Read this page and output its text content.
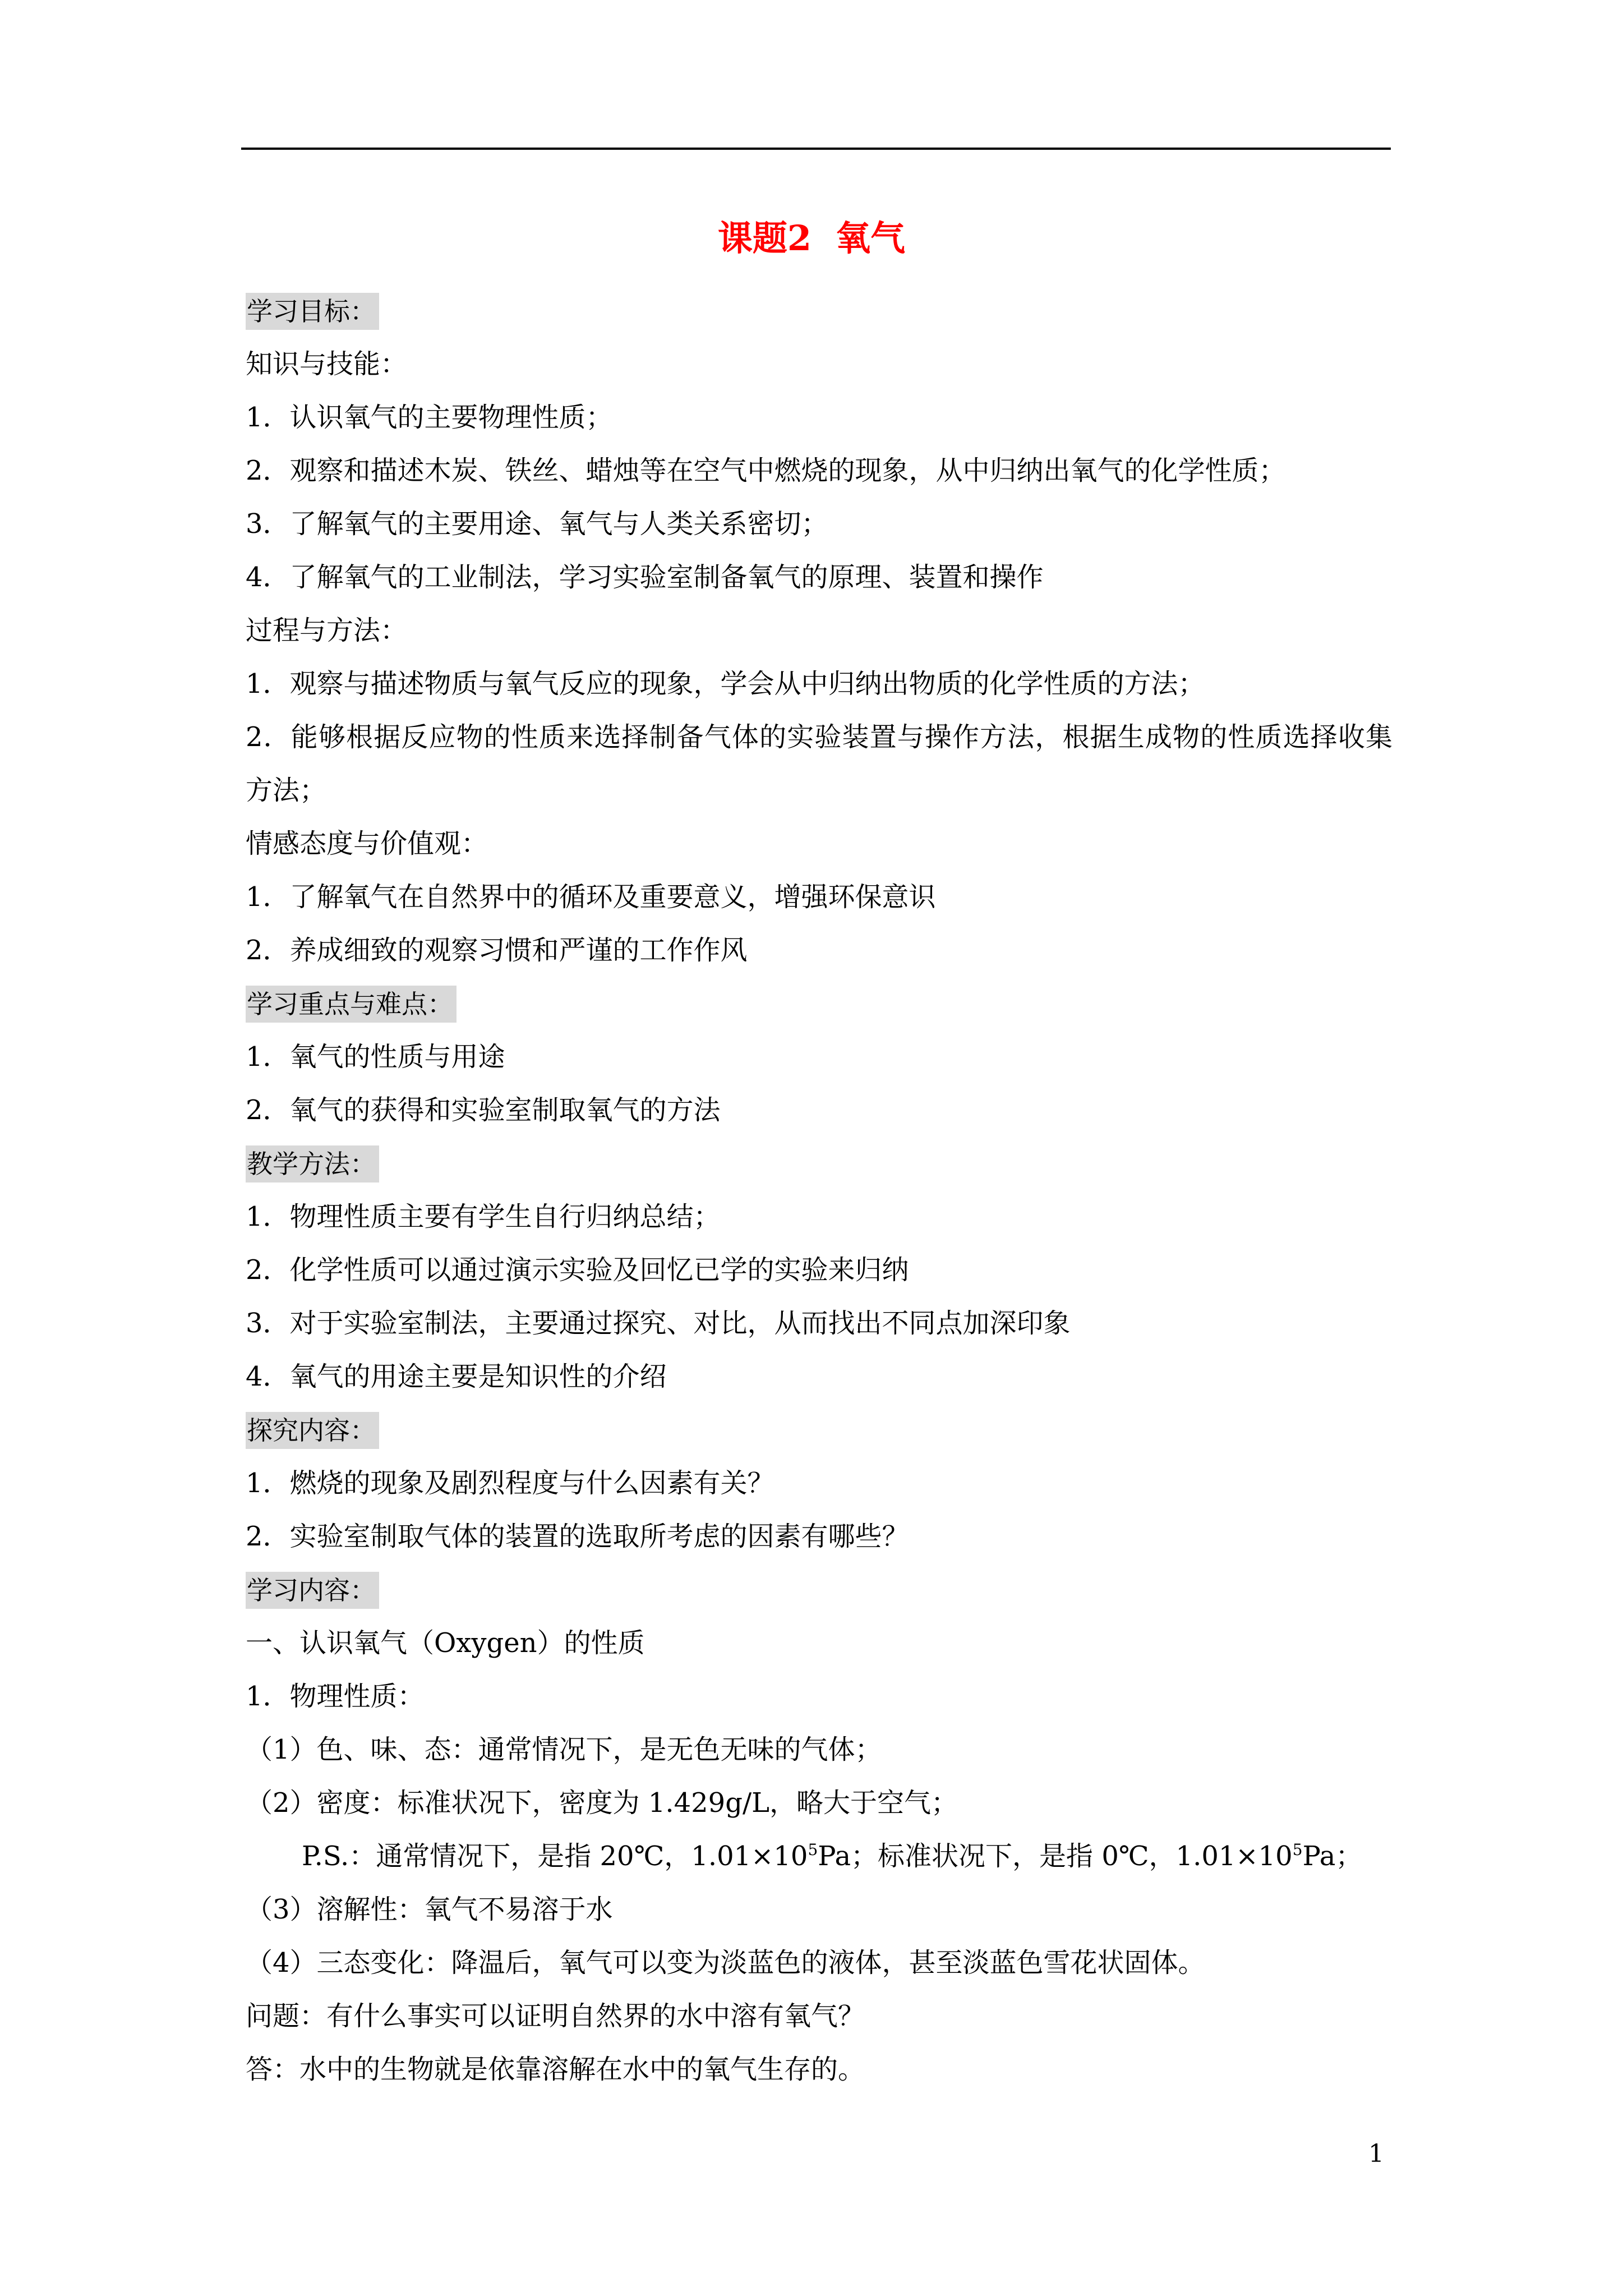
课题2  氧气
学习目标：
知识与技能：
1．认识氧气的主要物理性质；
2．观察和描述木炭、铁丝、蜡烛等在空气中燃烧的现象，从中归纳出氧气的化学性质；
3．了解氧气的主要用途、氧气与人类关系密切；
4．了解氧气的工业制法，学习实验室制备氧气的原理、装置和操作
过程与方法：
1．观察与描述物质与氧气反应的现象，学会从中归纳出物质的化学性质的方法；
2．能够根据反应物的性质来选择制备气体的实验装置与操作方法，根据生成物的性质选择收集方法；
情感态度与价值观：
1．了解氧气在自然界中的循环及重要意义，增强环保意识
2．养成细致的观察习惯和严谨的工作作风
学习重点与难点：
1．氧气的性质与用途
2．氧气的获得和实验室制取氧气的方法
教学方法：
1．物理性质主要有学生自行归纳总结；
2．化学性质可以通过演示实验及回忆已学的实验来归纳
3．对于实验室制法，主要通过探究、对比，从而找出不同点加深印象
4．氧气的用途主要是知识性的介绍
探究内容：
1．燃烧的现象及剧烈程度与什么因素有关？
2．实验室制取气体的装置的选取所考虑的因素有哪些？
学习内容：
一、认识氧气（Oxygen）的性质
1．物理性质：
（1）色、味、态：通常情况下，是无色无味的气体；
（2）密度：标准状况下，密度为 1.429g/L，略大于空气；
P.S.：通常情况下，是指 20℃，$1.01\times 10^5Pa$；标准状况下，是指 0℃，$1.01\times 10^5Pa$；
（3）溶解性：氧气不易溶于水
（4）三态变化：降温后，氧气可以变为淡蓝色的液体，甚至淡蓝色雪花状固体。
问题：有什么事实可以证明自然界的水中溶有氧气？
答：水中的生物就是依靠溶解在水中的氧气生存的。
1
